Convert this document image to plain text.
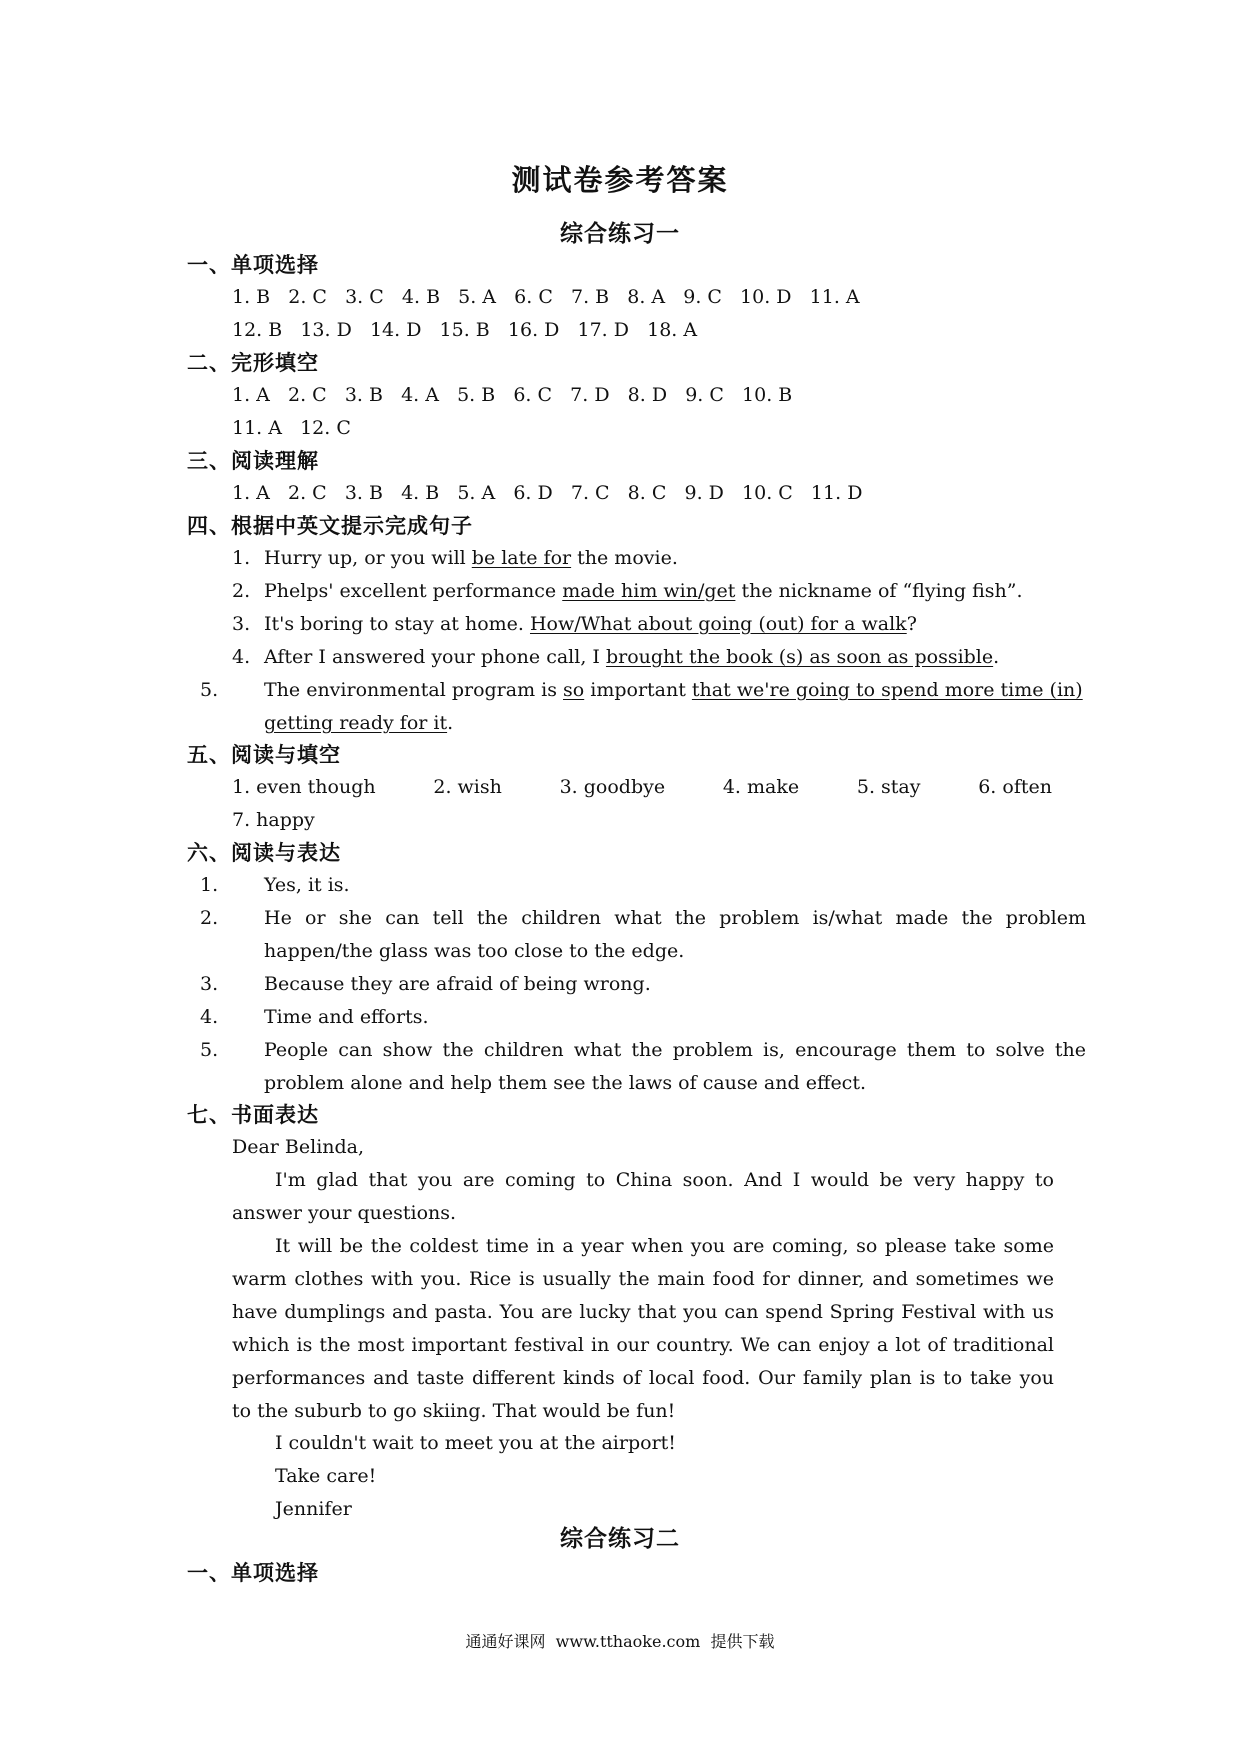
测试卷参考答案
综合练习一
一、单项选择
1. B   2. C   3. C   4. B   5. A   6. C   7. B   8. A   9. C   10. D   11. A
12. B   13. D   14. D   15. B   16. D   17. D   18. A
二、完形填空
1. A   2. C   3. B   4. A   5. B   6. C   7. D   8. D   9. C   10. B
11. A   12. C
三、阅读理解
1. A   2. C   3. B   4. B   5. A   6. D   7. C   8. C   9. D   10. C   11. D
四、根据中英文提示完成句子
1. Hurry up, or you will be late for the movie.
2. Phelps' excellent performance made him win/get the nickname of “flying fish”.
3. It's boring to stay at home. How/What about going (out) for a walk?
4. After I answered your phone call, I brought the book (s) as soon as possible.
5. The environmental program is so important that we're going to spend more time (in) getting ready for it.
五、阅读与填空
1. even though	2. wish	3. goodbye	4. make	5. stay	6. often
7. happy
六、阅读与表达
1. Yes, it is.
2. He or she can tell the children what the problem is/what made the problem happen/the glass was too close to the edge.
3. Because they are afraid of being wrong.
4. Time and efforts.
5. People can show the children what the problem is, encourage them to solve the problem alone and help them see the laws of cause and effect.
七、书面表达
Dear Belinda,
I'm glad that you are coming to China soon. And I would be very happy to answer your questions.
It will be the coldest time in a year when you are coming, so please take some warm clothes with you. Rice is usually the main food for dinner, and sometimes we have dumplings and pasta. You are lucky that you can spend Spring Festival with us which is the most important festival in our country. We can enjoy a lot of traditional performances and taste different kinds of local food. Our family plan is to take you to the suburb to go skiing. That would be fun!
I couldn't wait to meet you at the airport!
Take care!
Jennifer
综合练习二
一、单项选择
通通好课网  www.tthaoke.com  提供下载
